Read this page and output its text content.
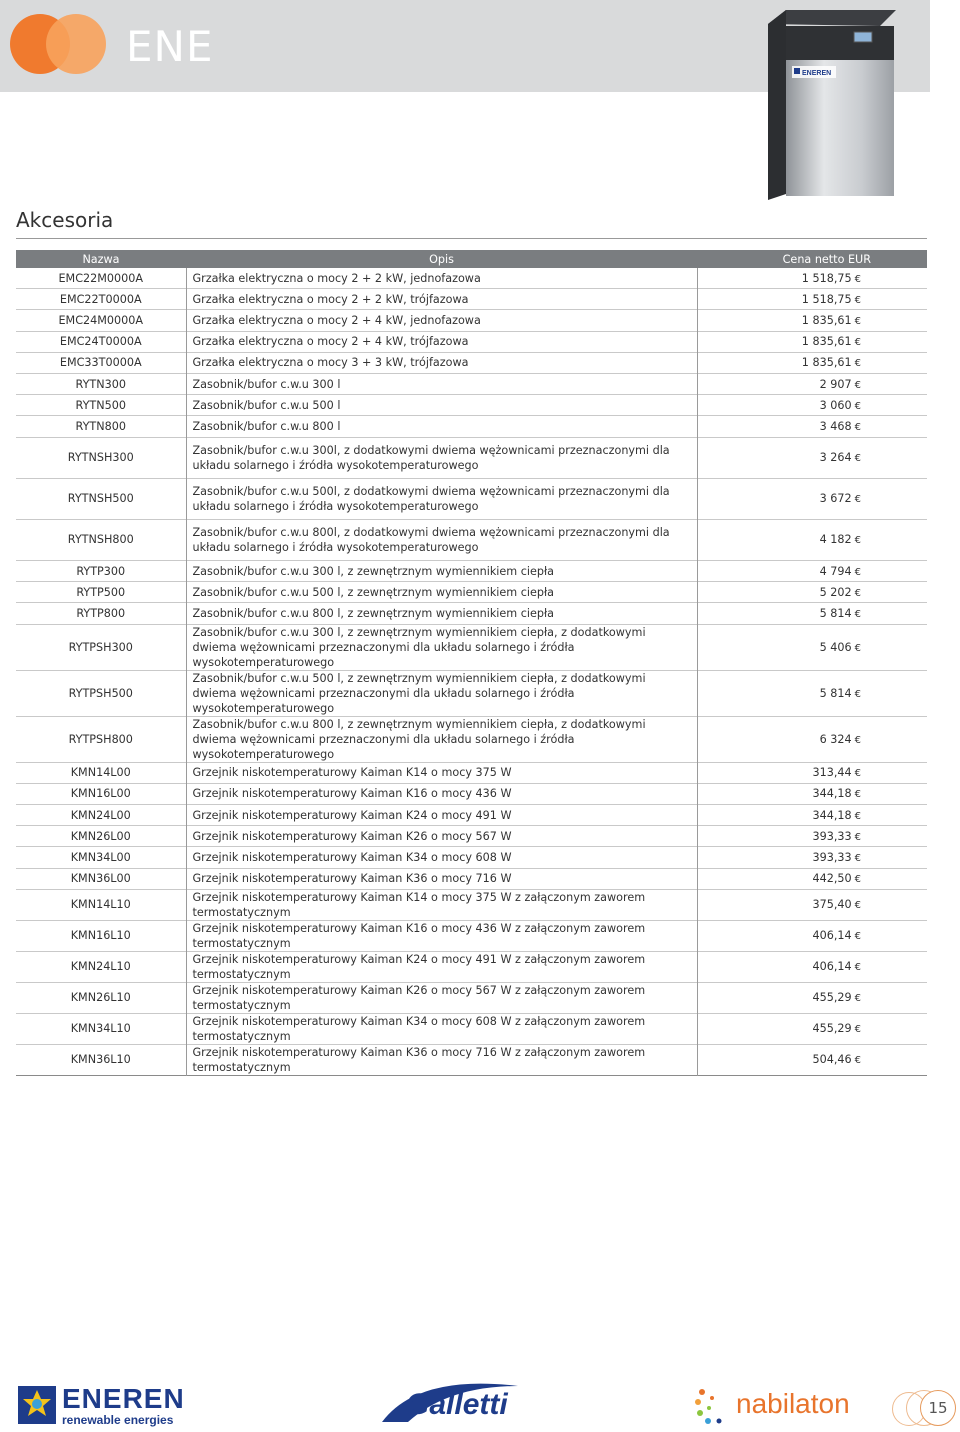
ENE
ENEREN
Akcesoria
Nazwa	Opis	Cena netto EUR
EMC22M0000A	Grzałka elektryczna o mocy 2 + 2 kW, jednofazowa	1 518,75 €
EMC22T0000A	Grzałka elektryczna o mocy 2 + 2 kW, trójfazowa	1 518,75 €
EMC24M0000A	Grzałka elektryczna o mocy 2 + 4 kW, jednofazowa	1 835,61 €
EMC24T0000A	Grzałka elektryczna o mocy 2 + 4 kW, trójfazowa	1 835,61 €
EMC33T0000A	Grzałka elektryczna o mocy 3 + 3 kW, trójfazowa	1 835,61 €
RYTN300	Zasobnik/bufor c.w.u 300 l	2 907 €
RYTN500	Zasobnik/bufor c.w.u 500 l	3 060 €
RYTN800	Zasobnik/bufor c.w.u 800 l	3 468 €
RYTNSH300	Zasobnik/bufor c.w.u 300l, z dodatkowymi dwiema wężownicami przeznaczonymi dla układu solarnego i źródła wysokotemperaturowego	3 264 €
RYTNSH500	Zasobnik/bufor c.w.u 500l, z dodatkowymi dwiema wężownicami przeznaczonymi dla układu solarnego i źródła wysokotemperaturowego	3 672 €
RYTNSH800	Zasobnik/bufor c.w.u 800l, z dodatkowymi dwiema wężownicami przeznaczonymi dla układu solarnego i źródła wysokotemperaturowego	4 182 €
RYTP300	Zasobnik/bufor c.w.u 300 l, z zewnętrznym wymiennikiem ciepła	4 794 €
RYTP500	Zasobnik/bufor c.w.u 500 l, z zewnętrznym wymiennikiem ciepła	5 202 €
RYTP800	Zasobnik/bufor c.w.u 800 l, z zewnętrznym wymiennikiem ciepła	5 814 €
RYTPSH300	Zasobnik/bufor c.w.u 300 l, z zewnętrznym wymiennikiem ciepła, z dodatkowymi dwiema wężownicami przeznaczonymi dla układu solarnego i źródła wysokotemperaturowego	5 406 €
RYTPSH500	Zasobnik/bufor c.w.u 500 l, z zewnętrznym wymiennikiem ciepła, z dodatkowymi dwiema wężownicami przeznaczonymi dla układu solarnego i źródła wysokotemperaturowego	5 814 €
RYTPSH800	Zasobnik/bufor c.w.u 800 l, z zewnętrznym wymiennikiem ciepła, z dodatkowymi dwiema wężownicami przeznaczonymi dla układu solarnego i źródła wysokotemperaturowego	6 324 €
KMN14L00	Grzejnik niskotemperaturowy Kaiman K14 o mocy 375 W	313,44 €
KMN16L00	Grzejnik niskotemperaturowy Kaiman K16 o mocy 436 W	344,18 €
KMN24L00	Grzejnik niskotemperaturowy Kaiman K24 o mocy 491 W	344,18 €
KMN26L00	Grzejnik niskotemperaturowy Kaiman K26 o mocy 567 W	393,33 €
KMN34L00	Grzejnik niskotemperaturowy Kaiman K34 o mocy 608 W	393,33 €
KMN36L00	Grzejnik niskotemperaturowy Kaiman K36 o mocy 716 W	442,50 €
KMN14L10	Grzejnik niskotemperaturowy Kaiman K14 o mocy 375 W z załączonym zaworem termostatycznym	375,40 €
KMN16L10	Grzejnik niskotemperaturowy Kaiman K16 o mocy 436 W z załączonym zaworem termostatycznym	406,14 €
KMN24L10	Grzejnik niskotemperaturowy Kaiman K24 o mocy 491 W z załączonym zaworem termostatycznym	406,14 €
KMN26L10	Grzejnik niskotemperaturowy Kaiman K26 o mocy 567 W z załączonym zaworem termostatycznym	455,29 €
KMN34L10	Grzejnik niskotemperaturowy Kaiman K34 o mocy 608 W z załączonym zaworem termostatycznym	455,29 €
KMN36L10	Grzejnik niskotemperaturowy Kaiman K36 o mocy 716 W z załączonym zaworem termostatycznym	504,46 €
ENEREN
renewable energies	Galletti	nabilaton	15
